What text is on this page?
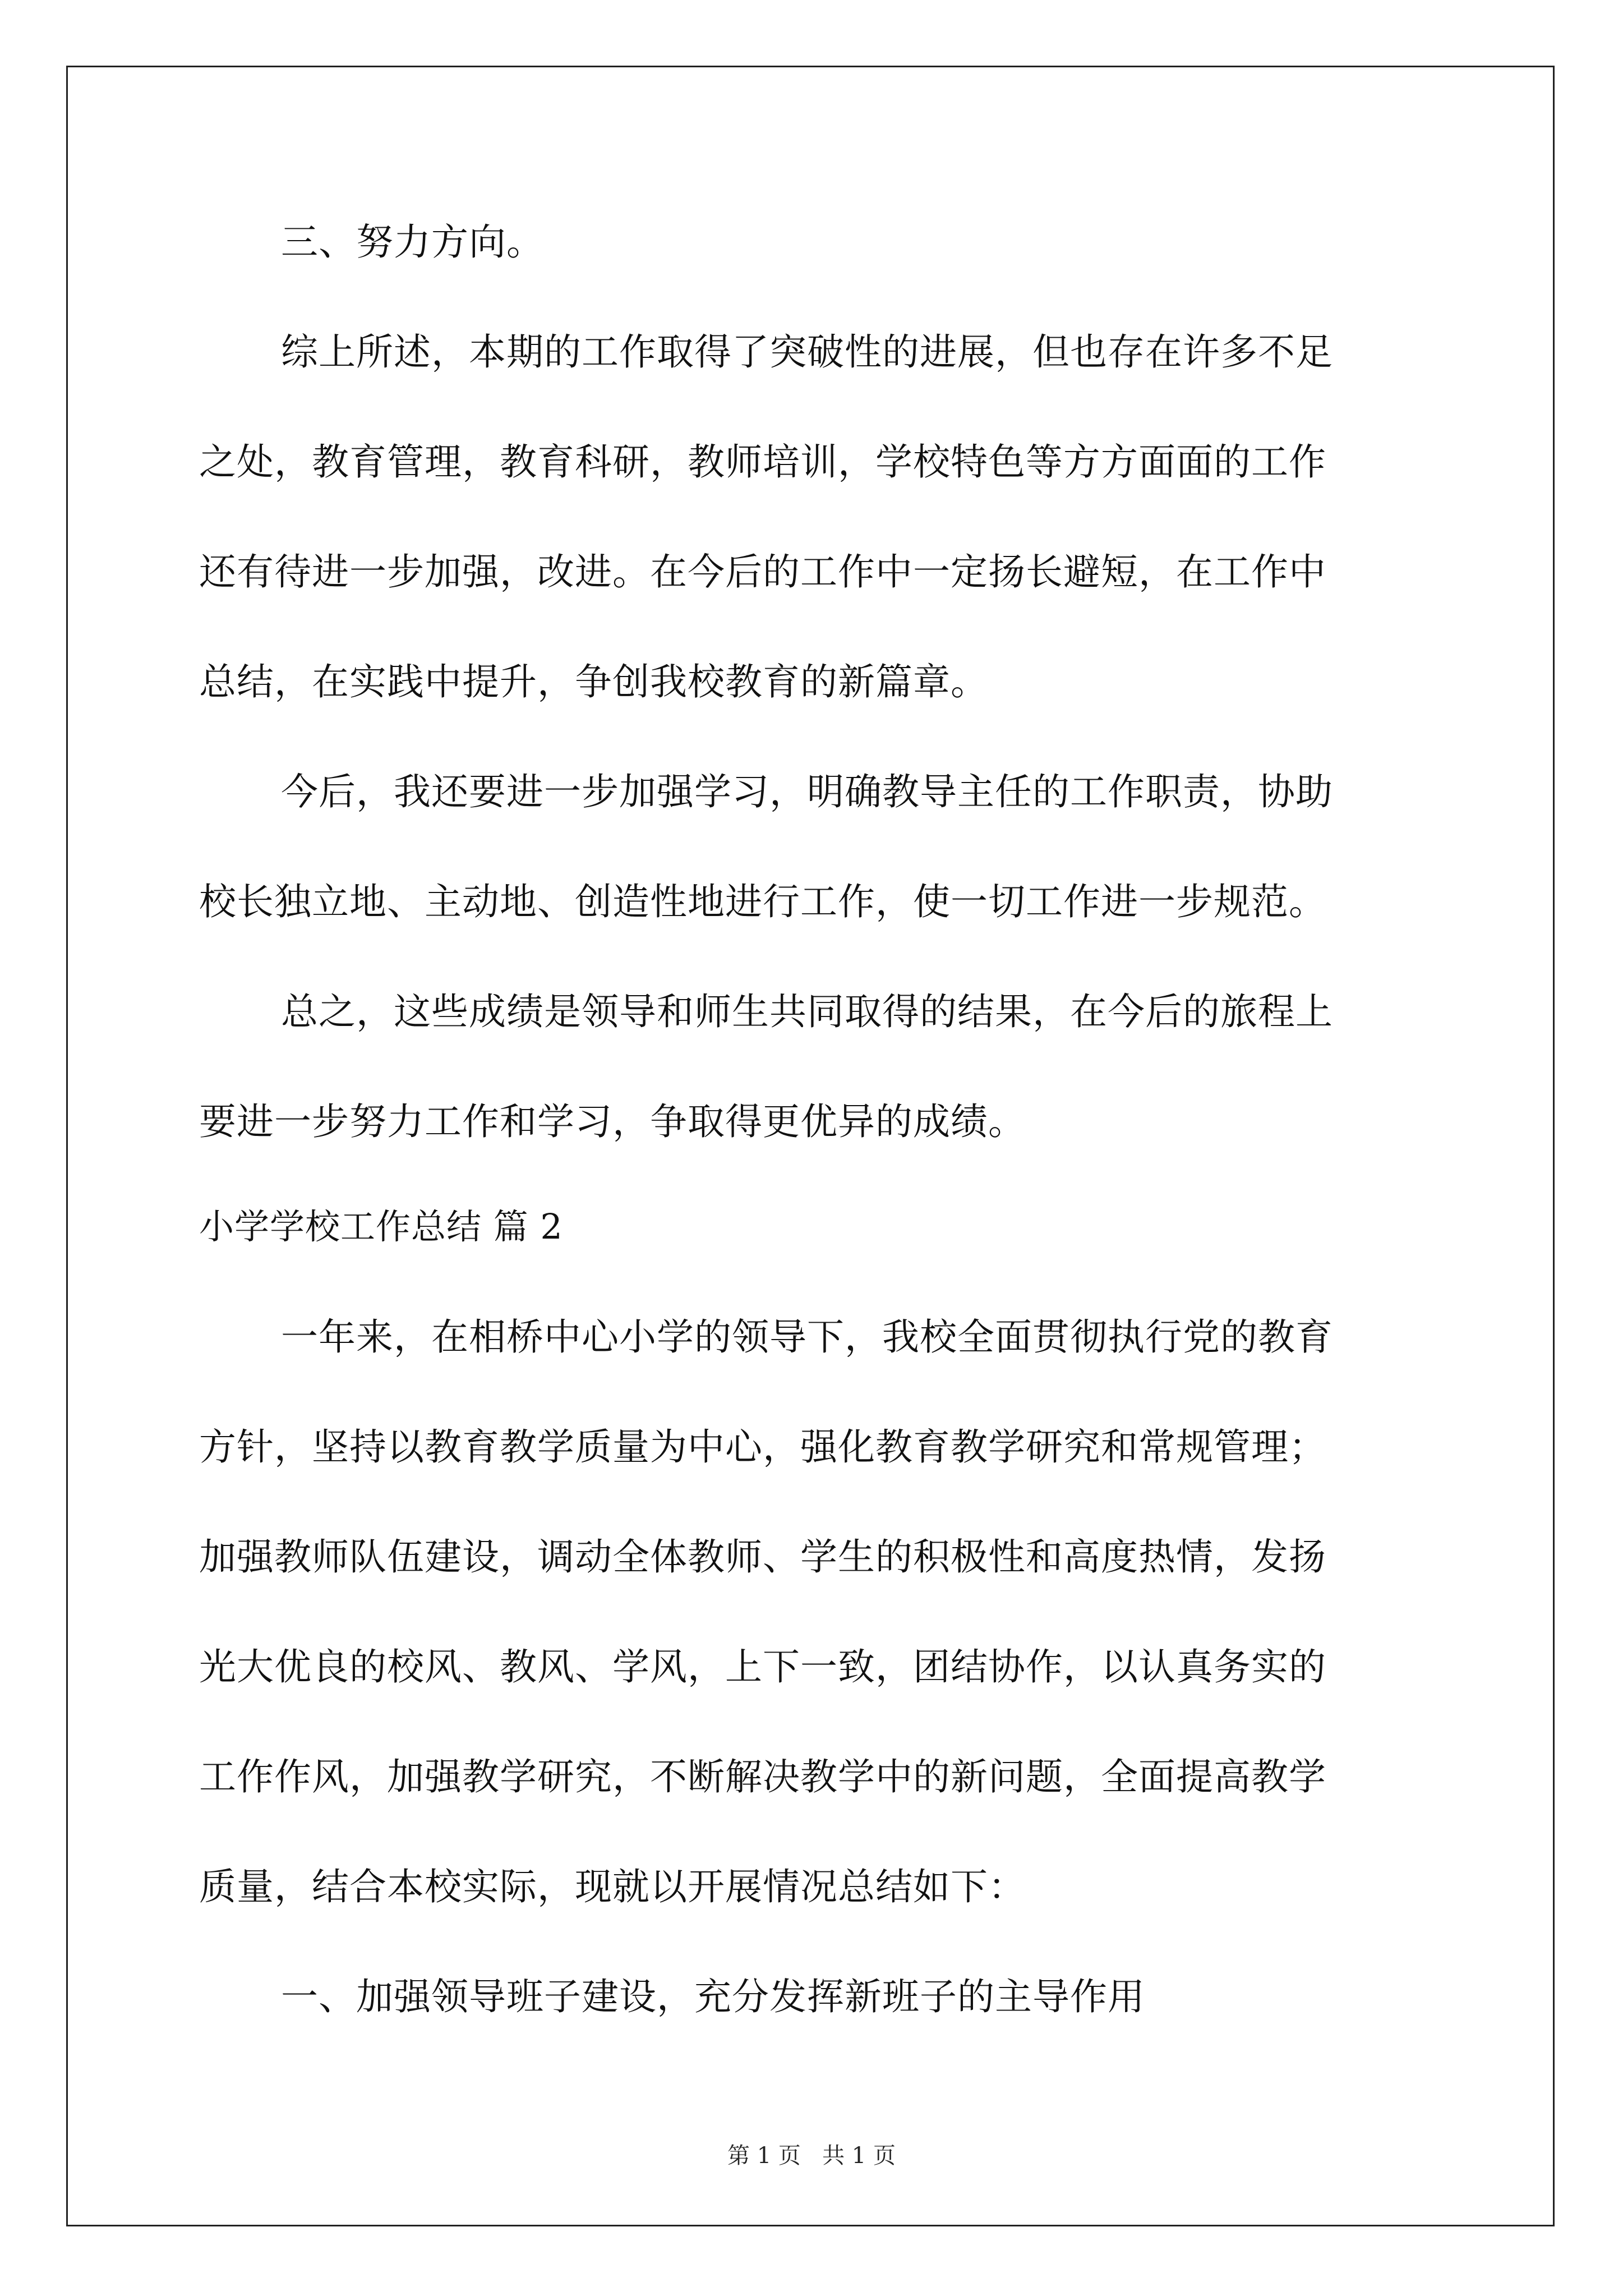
三、努力方向。
综上所述，本期的工作取得了突破性的进展，但也存在许多不足
之处，教育管理，教育科研，教师培训，学校特色等方方面面的工作
还有待进一步加强，改进。在今后的工作中一定扬长避短，在工作中
总结，在实践中提升，争创我校教育的新篇章。
今后，我还要进一步加强学习，明确教导主任的工作职责，协助
校长独立地、主动地、创造性地进行工作，使一切工作进一步规范。
总之，这些成绩是领导和师生共同取得的结果，在今后的旅程上
要进一步努力工作和学习，争取得更优异的成绩。
小学学校工作总结 篇 2
一年来，在相桥中心小学的领导下，我校全面贯彻执行党的教育
方针，坚持以教育教学质量为中心，强化教育教学研究和常规管理；
加强教师队伍建设，调动全体教师、学生的积极性和高度热情，发扬
光大优良的校风、教风、学风，上下一致，团结协作，以认真务实的
工作作风，加强教学研究，不断解决教学中的新问题，全面提高教学
质量，结合本校实际，现就以开展情况总结如下：
一、加强领导班子建设，充分发挥新班子的主导作用
第 1 页   共 1 页
